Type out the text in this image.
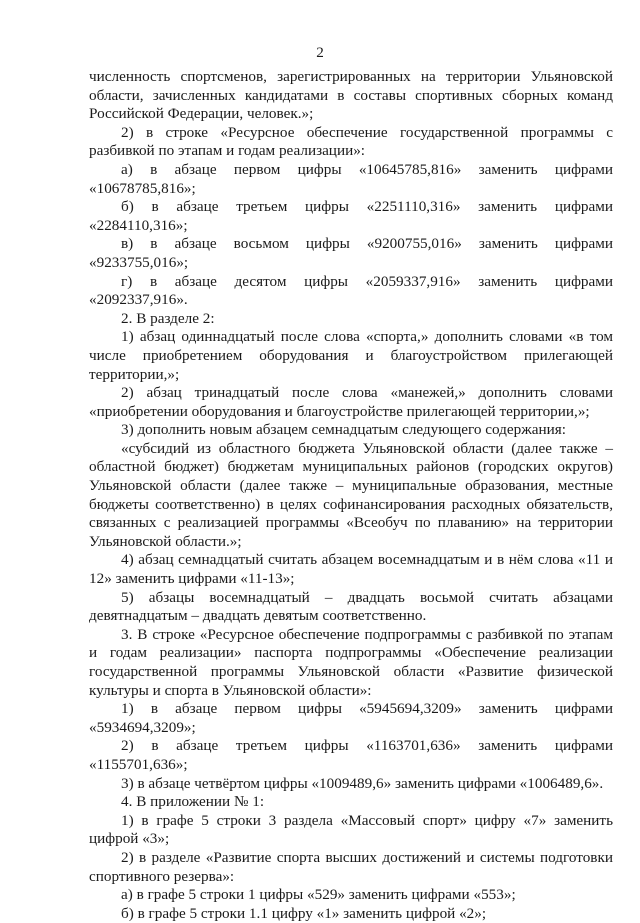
2

численность спортсменов, зарегистрированных на территории Ульяновской области, зачисленных кандидатами в составы спортивных сборных команд Российской Федерации, человек.»;

2) в строке «Ресурсное обеспечение государственной программы с разбивкой по этапам и годам реализации»:

а) в абзаце первом цифры «10645785,816» заменить цифрами «10678785,816»;

б) в абзаце третьем цифры «2251110,316» заменить цифрами «2284110,316»;

в) в абзаце восьмом цифры «9200755,016» заменить цифрами «9233755,016»;

г) в абзаце десятом цифры «2059337,916» заменить цифрами «2092337,916».

2. В разделе 2:

1) абзац одиннадцатый после слова «спорта,» дополнить словами «в том числе приобретением оборудования и благоустройством прилегающей территории,»;

2) абзац тринадцатый после слова «манежей,» дополнить словами «приобретении оборудования и благоустройстве прилегающей территории,»;

3) дополнить новым абзацем семнадцатым следующего содержания:

«субсидий из областного бюджета Ульяновской области (далее также – областной бюджет) бюджетам муниципальных районов (городских округов) Ульяновской области (далее также – муниципальные образования, местные бюджеты соответственно) в целях софинансирования расходных обязательств, связанных с реализацией программы «Всеобуч по плаванию» на территории Ульяновской области.»;

4) абзац семнадцатый считать абзацем восемнадцатым и в нём слова «11 и 12» заменить цифрами «11-13»;

5) абзацы восемнадцатый – двадцать восьмой считать абзацами девятнадцатым – двадцать девятым соответственно.

3. В строке «Ресурсное обеспечение подпрограммы с разбивкой по этапам и годам реализации» паспорта подпрограммы «Обеспечение реализации государственной программы Ульяновской области «Развитие физической культуры и спорта в Ульяновской области»:

1) в абзаце первом цифры «5945694,3209» заменить цифрами «5934694,3209»;

2) в абзаце третьем цифры «1163701,636» заменить цифрами «1155701,636»;

3) в абзаце четвёртом цифры «1009489,6» заменить цифрами «1006489,6».

4. В приложении № 1:

1) в графе 5 строки 3 раздела «Массовый спорт» цифру «7» заменить цифрой «3»;

2) в разделе «Развитие спорта высших достижений и системы подготовки спортивного резерва»:

а) в графе 5 строки 1 цифры «529» заменить цифрами «553»;

б) в графе 5 строки 1.1 цифру «1» заменить цифрой «2»;
